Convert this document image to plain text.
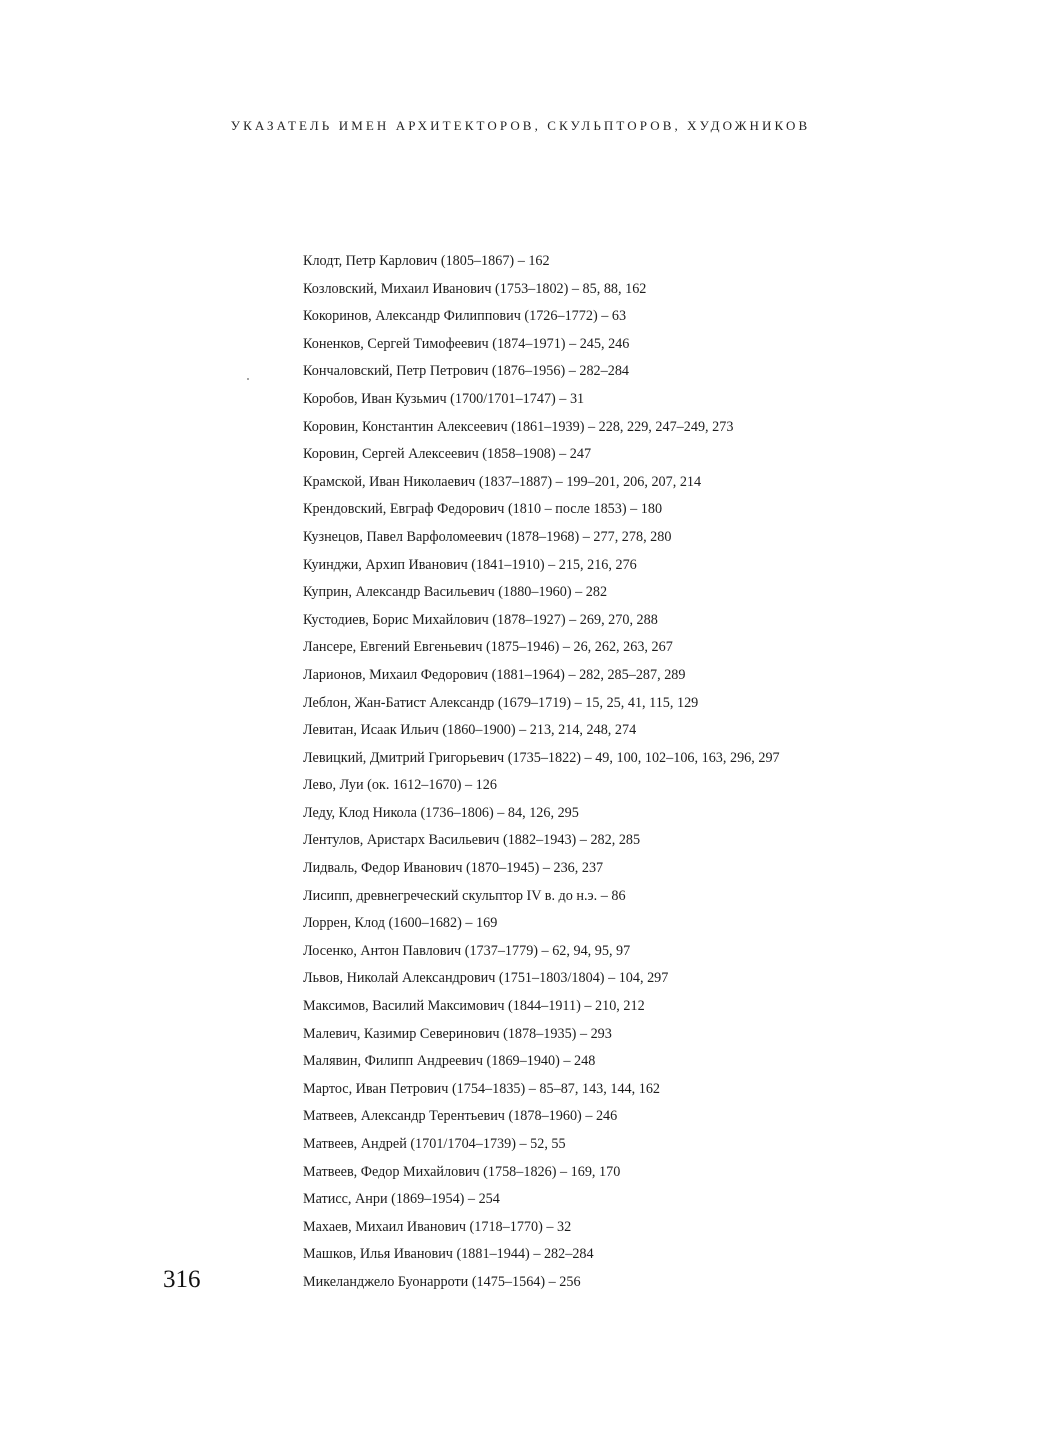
УКАЗАТЕЛЬ ИМЕН АРХИТЕКТОРОВ, СКУЛЬПТОРОВ, ХУДОЖНИКОВ
Клодт, Петр Карлович (1805–1867) – 162
Козловский, Михаил Иванович (1753–1802) – 85, 88, 162
Кокоринов, Александр Филиппович (1726–1772) – 63
Коненков, Сергей Тимофеевич (1874–1971) – 245, 246
Кончаловский, Петр Петрович (1876–1956) – 282–284
Коробов, Иван Кузьмич (1700/1701–1747) – 31
Коровин, Константин Алексеевич (1861–1939) – 228, 229, 247–249, 273
Коровин, Сергей Алексеевич (1858–1908) – 247
Крамской, Иван Николаевич (1837–1887) – 199–201, 206, 207, 214
Крендовский, Евграф Федорович (1810 – после 1853) – 180
Кузнецов, Павел Варфоломеевич (1878–1968) – 277, 278, 280
Куинджи, Архип Иванович (1841–1910) – 215, 216, 276
Куприн, Александр Васильевич (1880–1960) – 282
Кустодиев, Борис Михайлович (1878–1927) – 269, 270, 288
Лансере, Евгений Евгеньевич (1875–1946) – 26, 262, 263, 267
Ларионов, Михаил Федорович (1881–1964) – 282, 285–287, 289
Леблон, Жан-Батист Александр (1679–1719) – 15, 25, 41, 115, 129
Левитан, Исаак Ильич (1860–1900) – 213, 214, 248, 274
Левицкий, Дмитрий Григорьевич (1735–1822) – 49, 100, 102–106, 163, 296, 297
Лево, Луи (ок. 1612–1670) – 126
Леду, Клод Никола (1736–1806) – 84, 126, 295
Лентулов, Аристарх Васильевич (1882–1943) – 282, 285
Лидваль, Федор Иванович (1870–1945) – 236, 237
Лисипп, древнегреческий скульптор IV в. до н.э. – 86
Лоррен, Клод (1600–1682) – 169
Лосенко, Антон Павлович (1737–1779) – 62, 94, 95, 97
Львов, Николай Александрович (1751–1803/1804) – 104, 297
Максимов, Василий Максимович (1844–1911) – 210, 212
Малевич, Казимир Северинович (1878–1935) – 293
Малявин, Филипп Андреевич (1869–1940) – 248
Мартос, Иван Петрович (1754–1835) – 85–87, 143, 144, 162
Матвеев, Александр Терентьевич (1878–1960) – 246
Матвеев, Андрей (1701/1704–1739) – 52, 55
Матвеев, Федор Михайлович (1758–1826) – 169, 170
Матисс, Анри (1869–1954) – 254
Махаев, Михаил Иванович (1718–1770) – 32
Машков, Илья Иванович (1881–1944) – 282–284
Микеланджело Буонарроти (1475–1564) – 256
316
